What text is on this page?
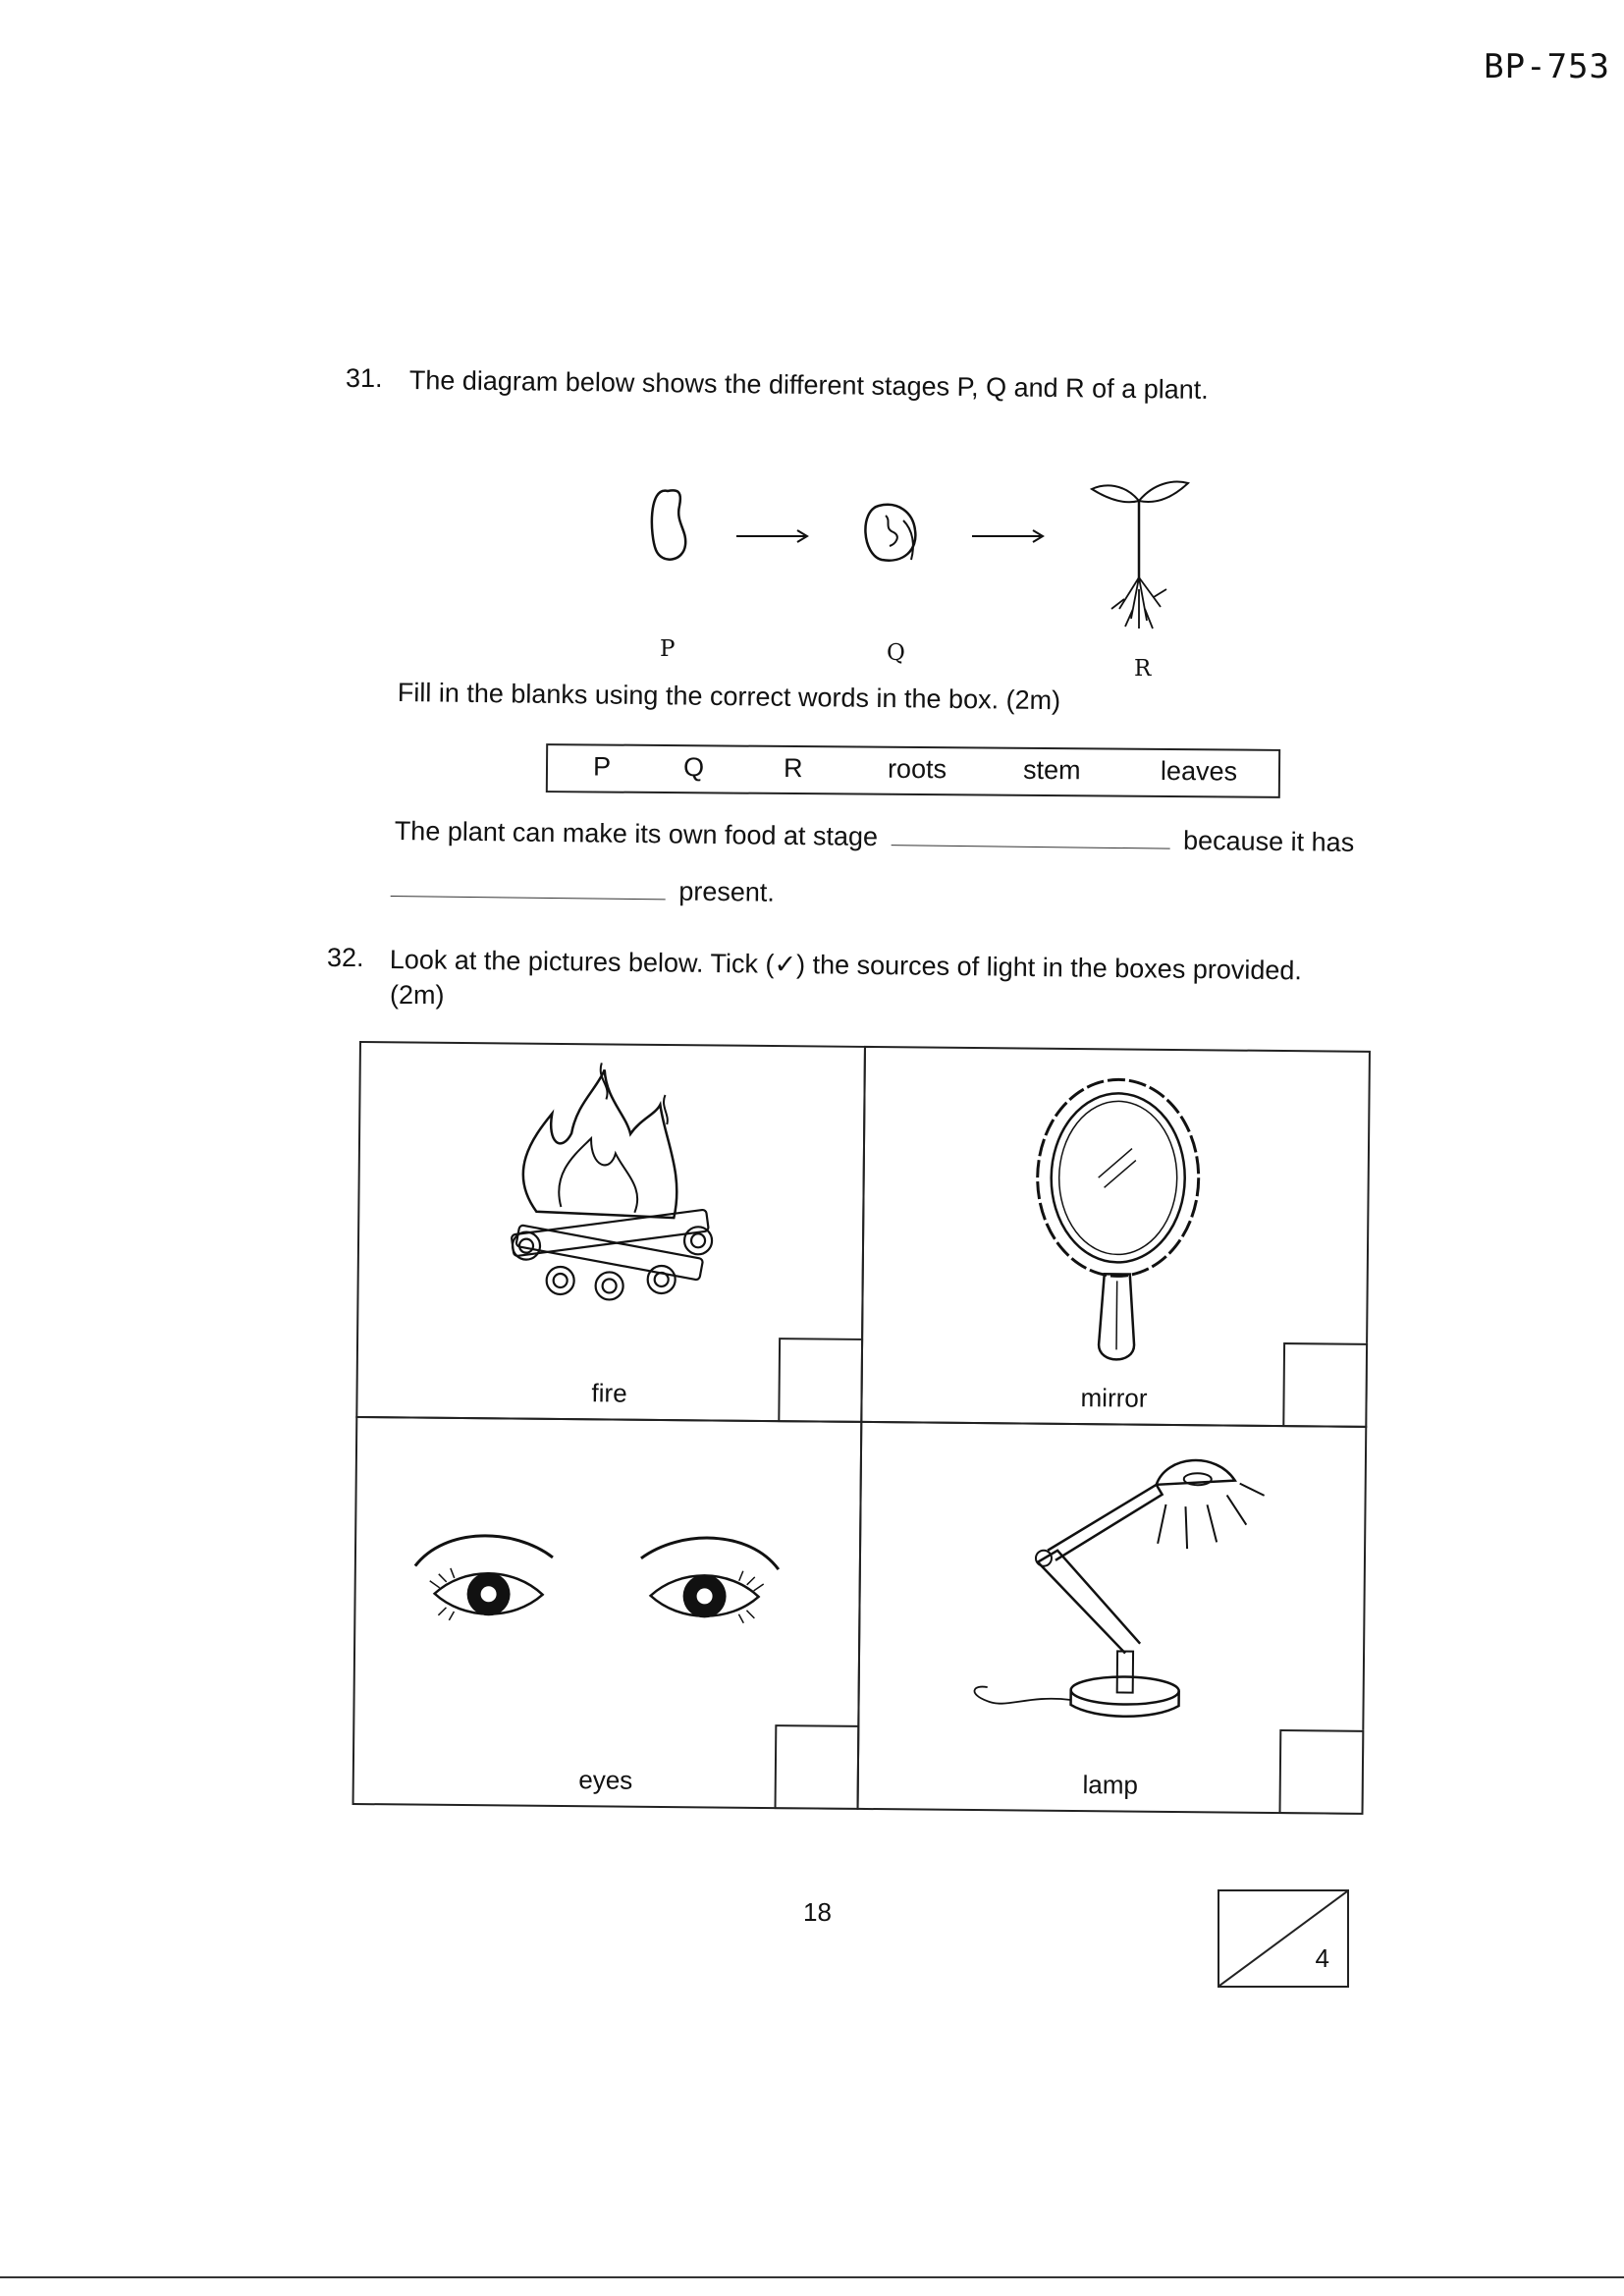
BP-753
31. The diagram below shows the different stages P, Q and R of a plant.
P	Q
R
Fill in the blanks using the correct words in the box. (2m)
P	Q	R	roots	stem	leaves
The plant can make its own food at stage	because it has
present.
32. Look at the pictures below. Tick (✓) the sources of light in the boxes provided.
(2m)
fire	mirror
eyes	lamp
18
4
